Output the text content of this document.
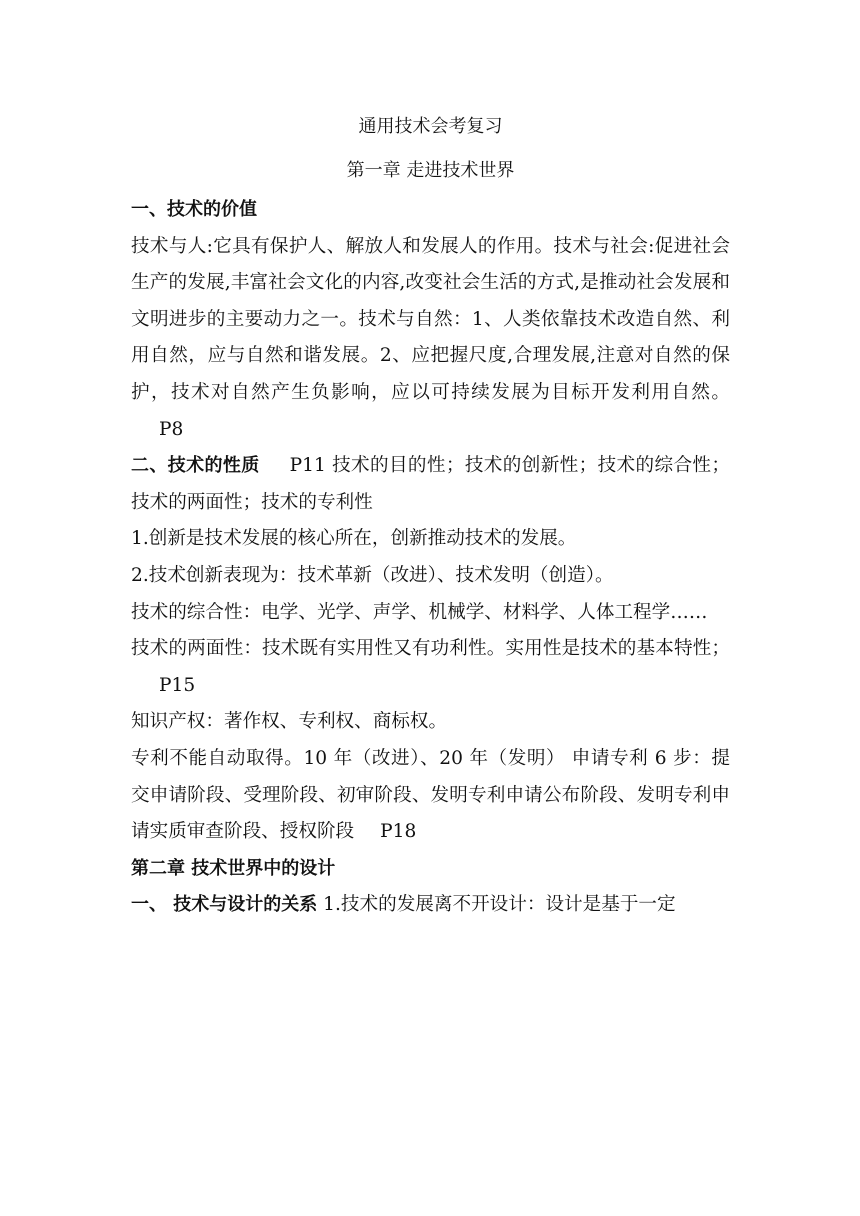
通用技术会考复习
第一章 走进技术世界
一、技术的价值
技术与人:它具有保护人、解放人和发展人的作用。技术与社会:促进社会生产的发展,丰富社会文化的内容,改变社会生活的方式,是推动社会发展和文明进步的主要动力之一。技术与自然：1、人类依靠技术改造自然、利用自然，应与自然和谐发展。2、应把握尺度,合理发展,注意对自然的保护，技术对自然产生负影响，应以可持续发展为目标开发利用自然。P8
二、技术的性质 P11 技术的目的性；技术的创新性；技术的综合性；技术的两面性；技术的专利性
1.创新是技术发展的核心所在，创新推动技术的发展。
2.技术创新表现为：技术革新（改进）、技术发明（创造）。
技术的综合性：电学、光学、声学、机械学、材料学、人体工程学……
技术的两面性：技术既有实用性又有功利性。实用性是技术的基本特性；P15
知识产权：著作权、专利权、商标权。
专利不能自动取得。10 年（改进）、20 年（发明） 申请专利 6 步：提交申请阶段、受理阶段、初审阶段、发明专利申请公布阶段、发明专利申请实质审查阶段、授权阶段 P18
第二章 技术世界中的设计
一、 技术与设计的关系 1.技术的发展离不开设计：设计是基于一定
